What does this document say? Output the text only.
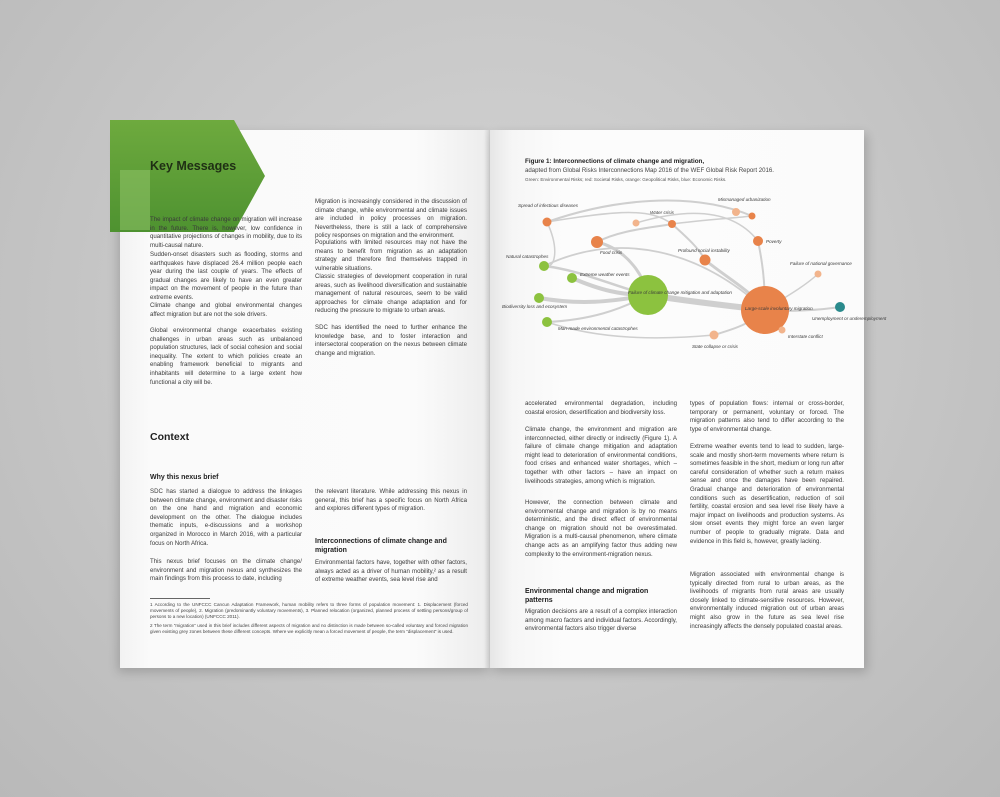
Key Messages
The impact of climate change on migration will increase in the future. There is, however, low confidence in quantitative projections of changes in mobility, due to its multi-causal nature.
Sudden-onset disasters such as flooding, storms and earthquakes have displaced 26.4 million people each year during the last couple of years. The effects of gradual changes are likely to have an even greater impact on the movement of people in the future than extreme events.
Climate change and global environmental changes affect migration but are not the sole drivers.
Global environmental change exacerbates existing challenges in urban areas such as unbalanced population structures, lack of social cohesion and social inequality. The extent to which policies create an enabling framework beneficial to migrants and inhabitants will determine to a large extent how functional a city will be.
Migration is increasingly considered in the discussion of climate change, while environmental and climate issues are included in policy processes on migration. Nevertheless, there is still a lack of comprehensive policy responses on migration and the environment.
Populations with limited resources may not have the means to benefit from migration as an adaptation strategy and therefore find themselves trapped in vulnerable situations.
Classic strategies of development cooperation in rural areas, such as livelihood diversification and sustainable management of natural resources, seem to be valid approaches for climate change adaptation and for reducing the pressure to migrate to urban areas.
SDC has identified the need to further enhance the knowledge base, and to foster interaction and intersectoral cooperation on the nexus between climate change and migration.
Context
Why this nexus brief
SDC has started a dialogue to address the linkages between climate change, environment and disaster risks on the one hand and migration and economic development on the other. The dialogue includes thematic inputs, e-discussions and a workshop organized in Morocco in March 2016, with a particular focus on North Africa.
This nexus brief focuses on the climate change/ environment and migration nexus and synthesizes the main findings from this process to date, including
the relevant literature. While addressing this nexus in general, this brief has a specific focus on North Africa and explores different types of migration.
Interconnections of climate change and migration
Environmental factors have, together with other factors, always acted as a driver of human mobility,² as a result of extreme weather events, sea level rise and
1 According to the UNFCCC Cancun Adaptation Framework, human mobility refers to three forms of population movement: 1. Displacement (forced movements of people), 2. Migration (predominantly voluntary movements), 3. Planned relocation (organized, planned process of settling persons/group of persons to a new location) (UNFCCC 2011).
2 The term “migration” used in this brief includes different aspects of migration and no distinction is made between so-called voluntary and forced migration given existing grey zones between these different concepts. Where we explicitly mean a forced movement of people, the term “displacement” is used.
Figure 1: Interconnections of climate change and migration,
adapted from Global Risks Interconnections Map 2016 of the WEF Global Risk Report 2016.
Green: Environmental Risks; red: Societal Risks, orange: Geopolitical Risks, blue: Economic Risks.
Spread of infectious diseases
Water crisis
Mismanaged urbanization
Food crisis
Natural catastrophes
Extreme weather events
Profound social instability
Poverty
Failure of national governance
Failure of climate change mitigation and adaptation
Large-scale involuntary migration
Biodiversity loss and ecosystem
Unemployment or underemployment
Man-made environmental catastrophes
Interstate conflict
State collapse or crisis
accelerated environmental degradation, including coastal erosion, desertification and biodiversity loss.
Climate change, the environment and migration are interconnected, either directly or indirectly (Figure 1). A failure of climate change mitigation and adaptation might lead to deterioration of environmental conditions, food crises and enhanced water shortages, which – together with other factors – have an impact on livelihoods strategies, among which is migration.
However, the connection between climate and environmental change and migration is by no means deterministic, and the direct effect of environmental change on migration should not be overestimated. Migration is a multi-causal phenomenon, where climate change acts as an amplifying factor thus adding new complexity to the environment-migration nexus.
Environmental change and migration patterns
Migration decisions are a result of a complex interaction among macro factors and individual factors. Accordingly, environmental factors also trigger diverse
types of population flows: internal or cross-border, temporary or permanent, voluntary or forced. The migration patterns also tend to differ according to the type of environmental change.
Extreme weather events tend to lead to sudden, large-scale and mostly short-term movements where return is sometimes feasible in the short, medium or long run after careful consideration of whether such a return makes sense and once the damages have been repaired. Gradual change and deterioration of environmental conditions such as desertification, reduction of soil fertility, coastal erosion and sea level rise likely have a major impact on livelihoods and production systems. As slow onset events they might force an even larger number of people to gradually migrate. Data and evidence in this field is, however, greatly lacking.
Migration associated with environmental change is typically directed from rural to urban areas, as the livelihoods of migrants from rural areas are usually closely linked to climate-sensitive resources. However, environmentally induced migration out of urban areas might also grow in the future as sea level rise increasingly affects the densely populated coastal areas.
